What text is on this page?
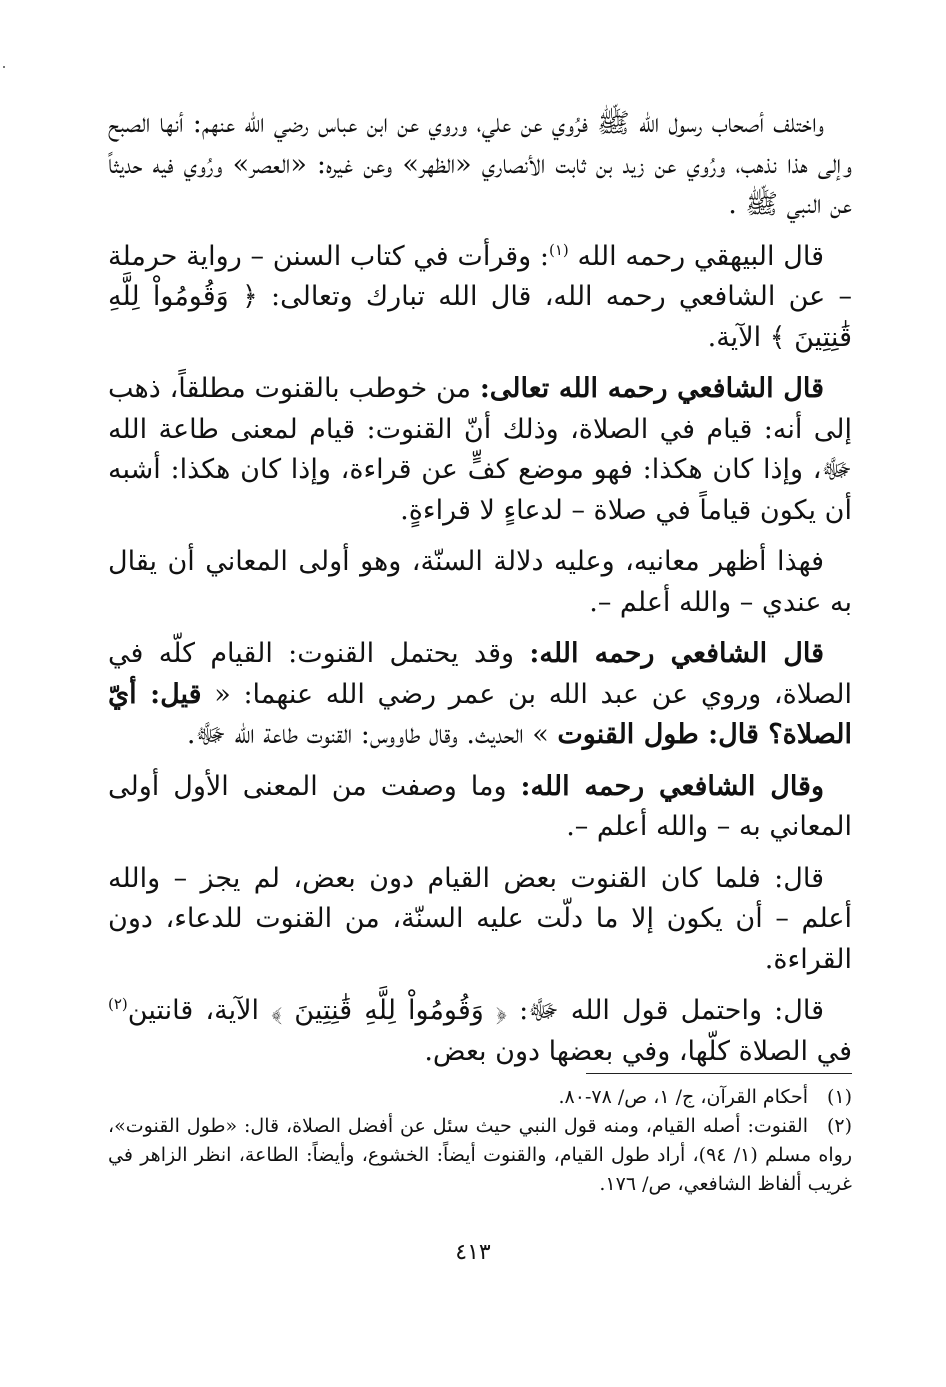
واختلف أصحاب رسول الله ﷺ فرُوي عن علي، وروي عن ابن عباس رضي الله عنهم: أنها الصبح وإلى هذا نذهب، ورُوي عن زيد بن ثابت الأنصاري «الظهر» وعن غيره: «العصر» ورُوي فيه حديثاً عن النبي ﷺ .

قال البيهقي رحمه الله $^{(١)}$: وقرأت في كتاب السنن – رواية حرملة – عن الشافعي رحمه الله، قال الله تبارك وتعالى: ﴿ وَقُومُواْ لِلَّهِ قَٰنِتِينَ ﴾ الآية.

قال الشافعي رحمه الله تعالى: من خوطب بالقنوت مطلقاً، ذهب إلى أنه: قيام في الصلاة، وذلك أنّ القنوت: قيام لمعنى طاعة الله ﷻ، وإذا كان هكذا: فهو موضع كفٍّ عن قراءة، وإذا كان هكذا: أشبه أن يكون قياماً في صلاة – لدعاءٍ لا قراءةٍ.

فهذا أظهر معانيه، وعليه دلالة السنّة، وهو أولى المعاني أن يقال به عندي – والله أعلم –.

قال الشافعي رحمه الله: وقد يحتمل القنوت: القيام كلّه في الصلاة، وروي عن عبد الله بن عمر رضي الله عنهما: « قيل: أيّ الصلاة؟ قال: طول القنوت » الحديث. وقال طاووس: القنوت طاعة الله ﷻ.

وقال الشافعي رحمه الله: وما وصفت من المعنى الأول أولى المعاني به – والله أعلم –.

قال: فلما كان القنوت بعض القيام دون بعض، لم يجز – والله أعلم – أن يكون إلا ما دلّت عليه السنّة، من القنوت للدعاء، دون القراءة.

قال: واحتمل قول الله ﷻ: ﴿ وَقُومُواْ لِلَّهِ قَٰنِتِينَ ﴾ الآية، قانتين$^{(٢)}$ في الصلاة كلّها، وفي بعضها دون بعض.

(١)أحكام القرآن، ج/ ١، ص/ ٧٨-٨٠.

(٢)القنوت: أصله القيام، ومنه قول النبي حيث سئل عن أفضل الصلاة، قال: «طول القنوت»، رواه مسلم (١/ ٩٤)، أراد طول القيام، والقنوت أيضاً: الخشوع، وأيضاً: الطاعة، انظر الزاهر في غريب ألفاظ الشافعي، ص/ ١٧٦.

٤١٣
